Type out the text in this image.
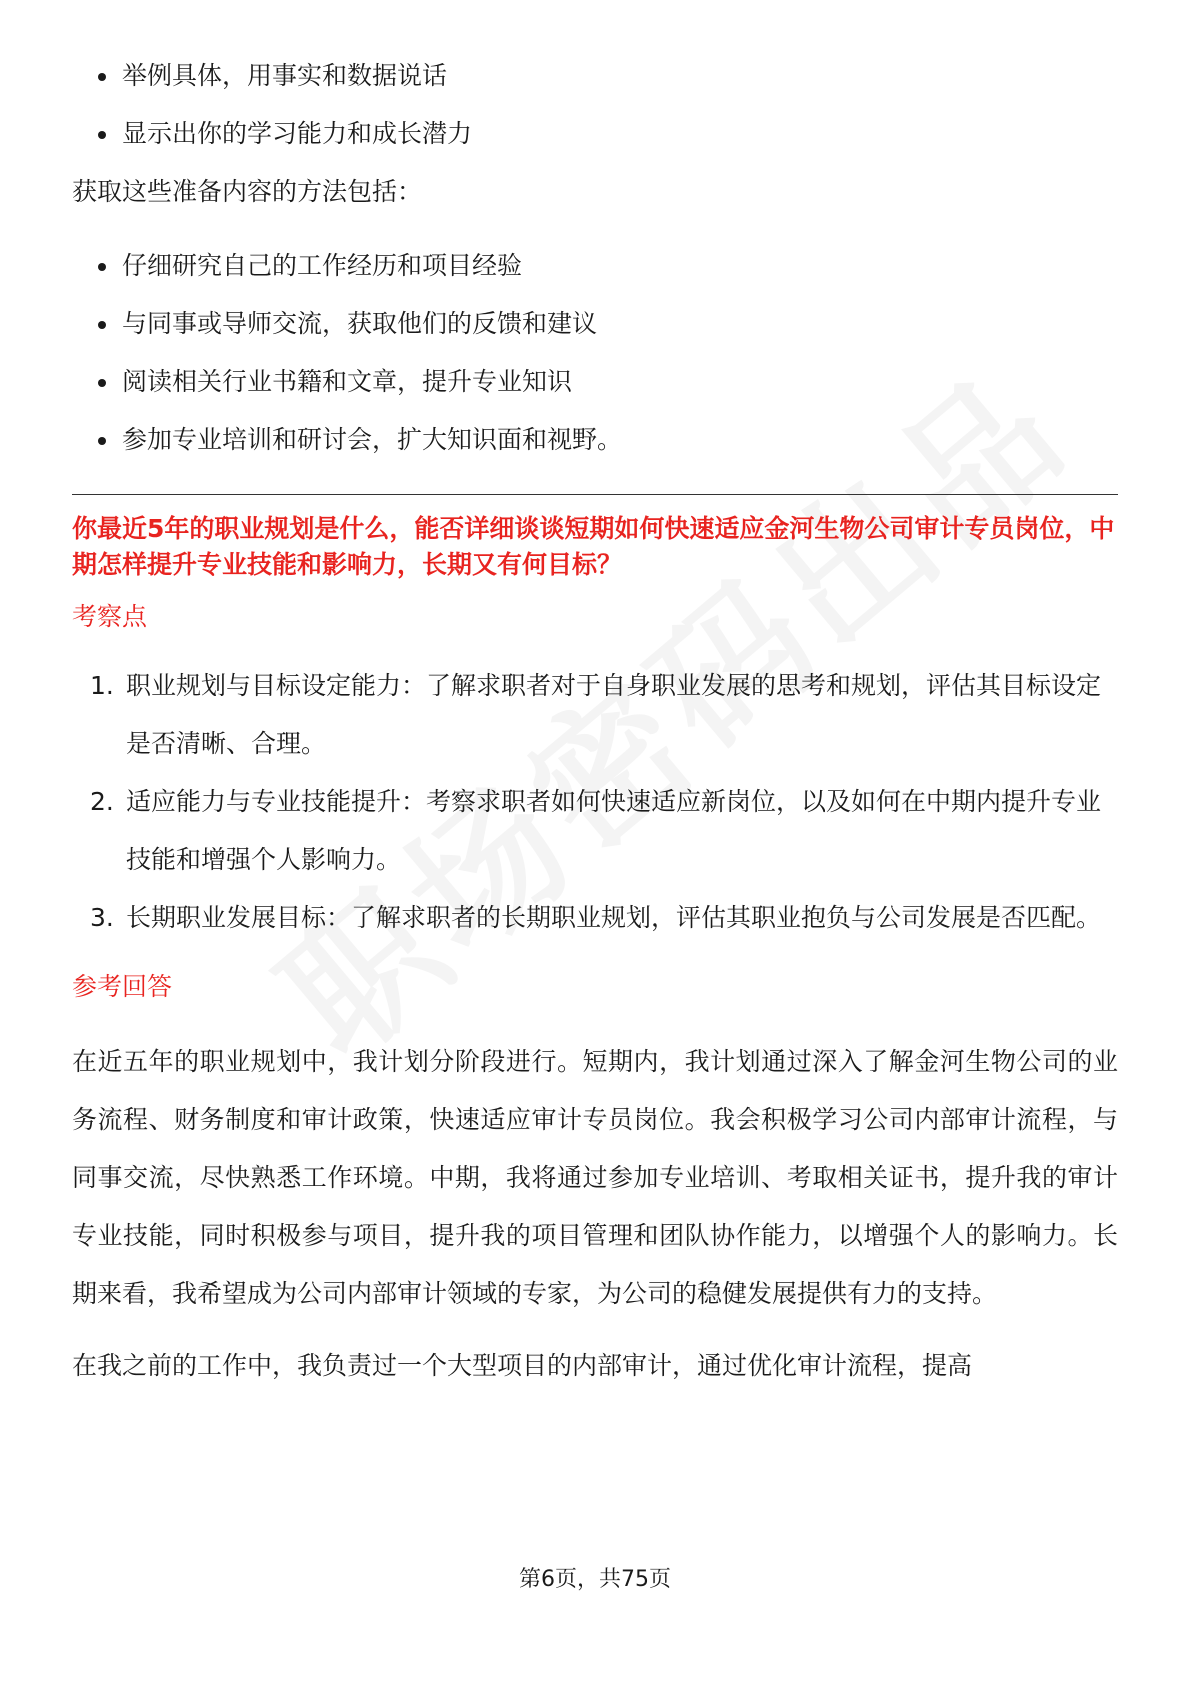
举例具体，用事实和数据说话
显示出你的学习能力和成长潜力

获取这些准备内容的方法包括：

仔细研究自己的工作经历和项目经验
与同事或导师交流，获取他们的反馈和建议
阅读相关行业书籍和文章，提升专业知识
参加专业培训和研讨会，扩大知识面和视野。

你最近5年的职业规划是什么，能否详细谈谈短期如何快速适应金河生物公司审计专员岗位，中期怎样提升专业技能和影响力，长期又有何目标？

考察点

1. 职业规划与目标设定能力：了解求职者对于自身职业发展的思考和规划，评估其目标设定是否清晰、合理。
2. 适应能力与专业技能提升：考察求职者如何快速适应新岗位，以及如何在中期内提升专业技能和增强个人影响力。
3. 长期职业发展目标：了解求职者的长期职业规划，评估其职业抱负与公司发展是否匹配。

参考回答

在近五年的职业规划中，我计划分阶段进行。短期内，我计划通过深入了解金河生物公司的业务流程、财务制度和审计政策，快速适应审计专员岗位。我会积极学习公司内部审计流程，与同事交流，尽快熟悉工作环境。中期，我将通过参加专业培训、考取相关证书，提升我的审计专业技能，同时积极参与项目，提升我的项目管理和团队协作能力，以增强个人的影响力。长期来看，我希望成为公司内部审计领域的专家，为公司的稳健发展提供有力的支持。

在我之前的工作中，我负责过一个大型项目的内部审计，通过优化审计流程，提高

第6页，共75页
